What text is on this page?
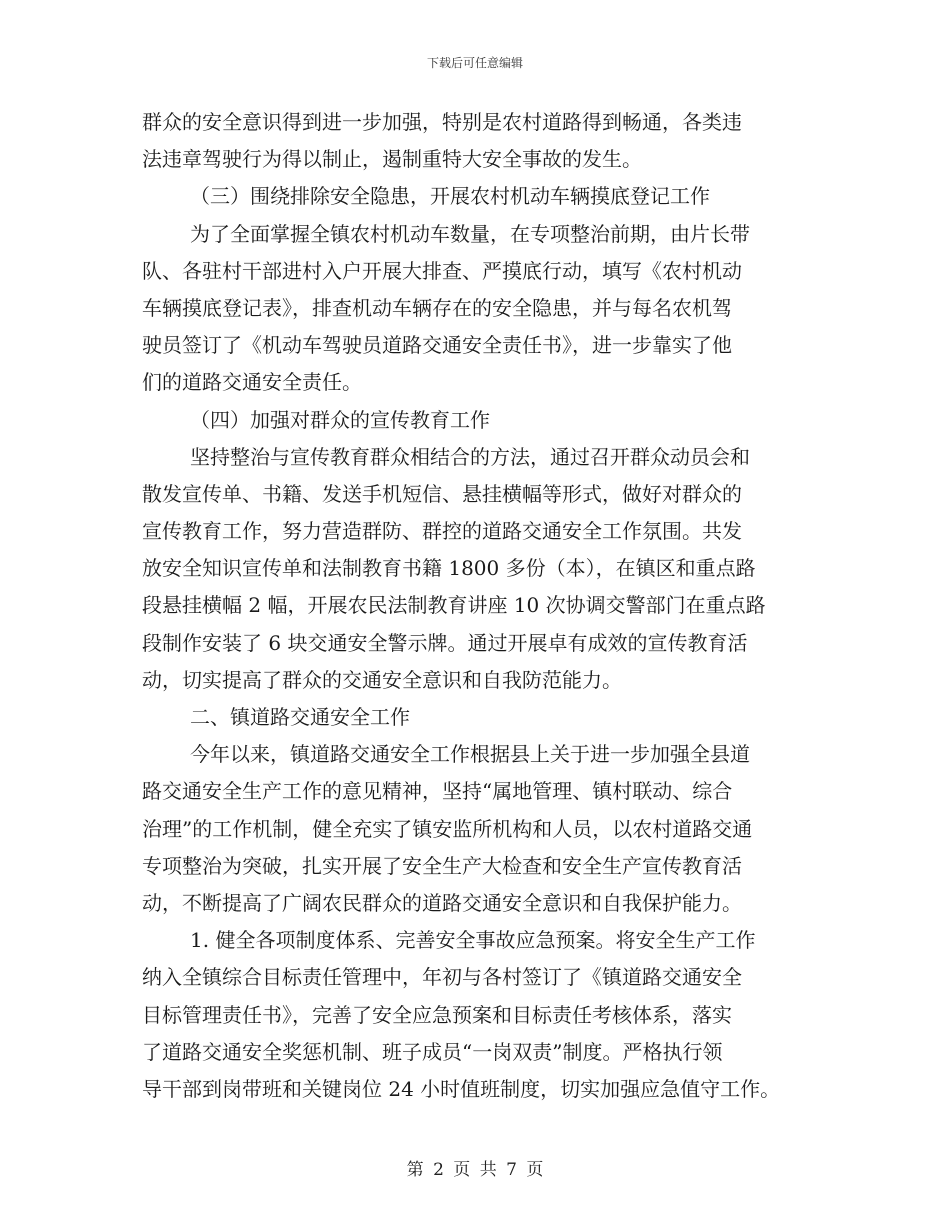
下载后可任意编辑
群众的安全意识得到进一步加强，特别是农村道路得到畅通，各类违
法违章驾驶行为得以制止，遏制重特大安全事故的发生。
（三）围绕排除安全隐患，开展农村机动车辆摸底登记工作
为了全面掌握全镇农村机动车数量，在专项整治前期，由片长带
队、各驻村干部进村入户开展大排查、严摸底行动，填写《农村机动
车辆摸底登记表》，排查机动车辆存在的安全隐患，并与每名农机驾
驶员签订了《机动车驾驶员道路交通安全责任书》，进一步靠实了他
们的道路交通安全责任。
（四）加强对群众的宣传教育工作
坚持整治与宣传教育群众相结合的方法，通过召开群众动员会和
散发宣传单、书籍、发送手机短信、悬挂横幅等形式，做好对群众的
宣传教育工作，努力营造群防、群控的道路交通安全工作氛围。共发
放安全知识宣传单和法制教育书籍 1800 多份（本），在镇区和重点路
段悬挂横幅 2 幅，开展农民法制教育讲座 10 次协调交警部门在重点路
段制作安装了 6 块交通安全警示牌。通过开展卓有成效的宣传教育活
动，切实提高了群众的交通安全意识和自我防范能力。
二、镇道路交通安全工作
今年以来，镇道路交通安全工作根据县上关于进一步加强全县道
路交通安全生产工作的意见精神，坚持“属地管理、镇村联动、综合
治理”的工作机制，健全充实了镇安监所机构和人员，以农村道路交通
专项整治为突破，扎实开展了安全生产大检查和安全生产宣传教育活
动，不断提高了广阔农民群众的道路交通安全意识和自我保护能力。
1. 健全各项制度体系、完善安全事故应急预案。将安全生产工作
纳入全镇综合目标责任管理中，年初与各村签订了《镇道路交通安全
目标管理责任书》，完善了安全应急预案和目标责任考核体系，落实
了道路交通安全奖惩机制、班子成员“一岗双责”制度。严格执行领
导干部到岗带班和关键岗位 24 小时值班制度，切实加强应急值守工作。
第 2 页 共 7 页
